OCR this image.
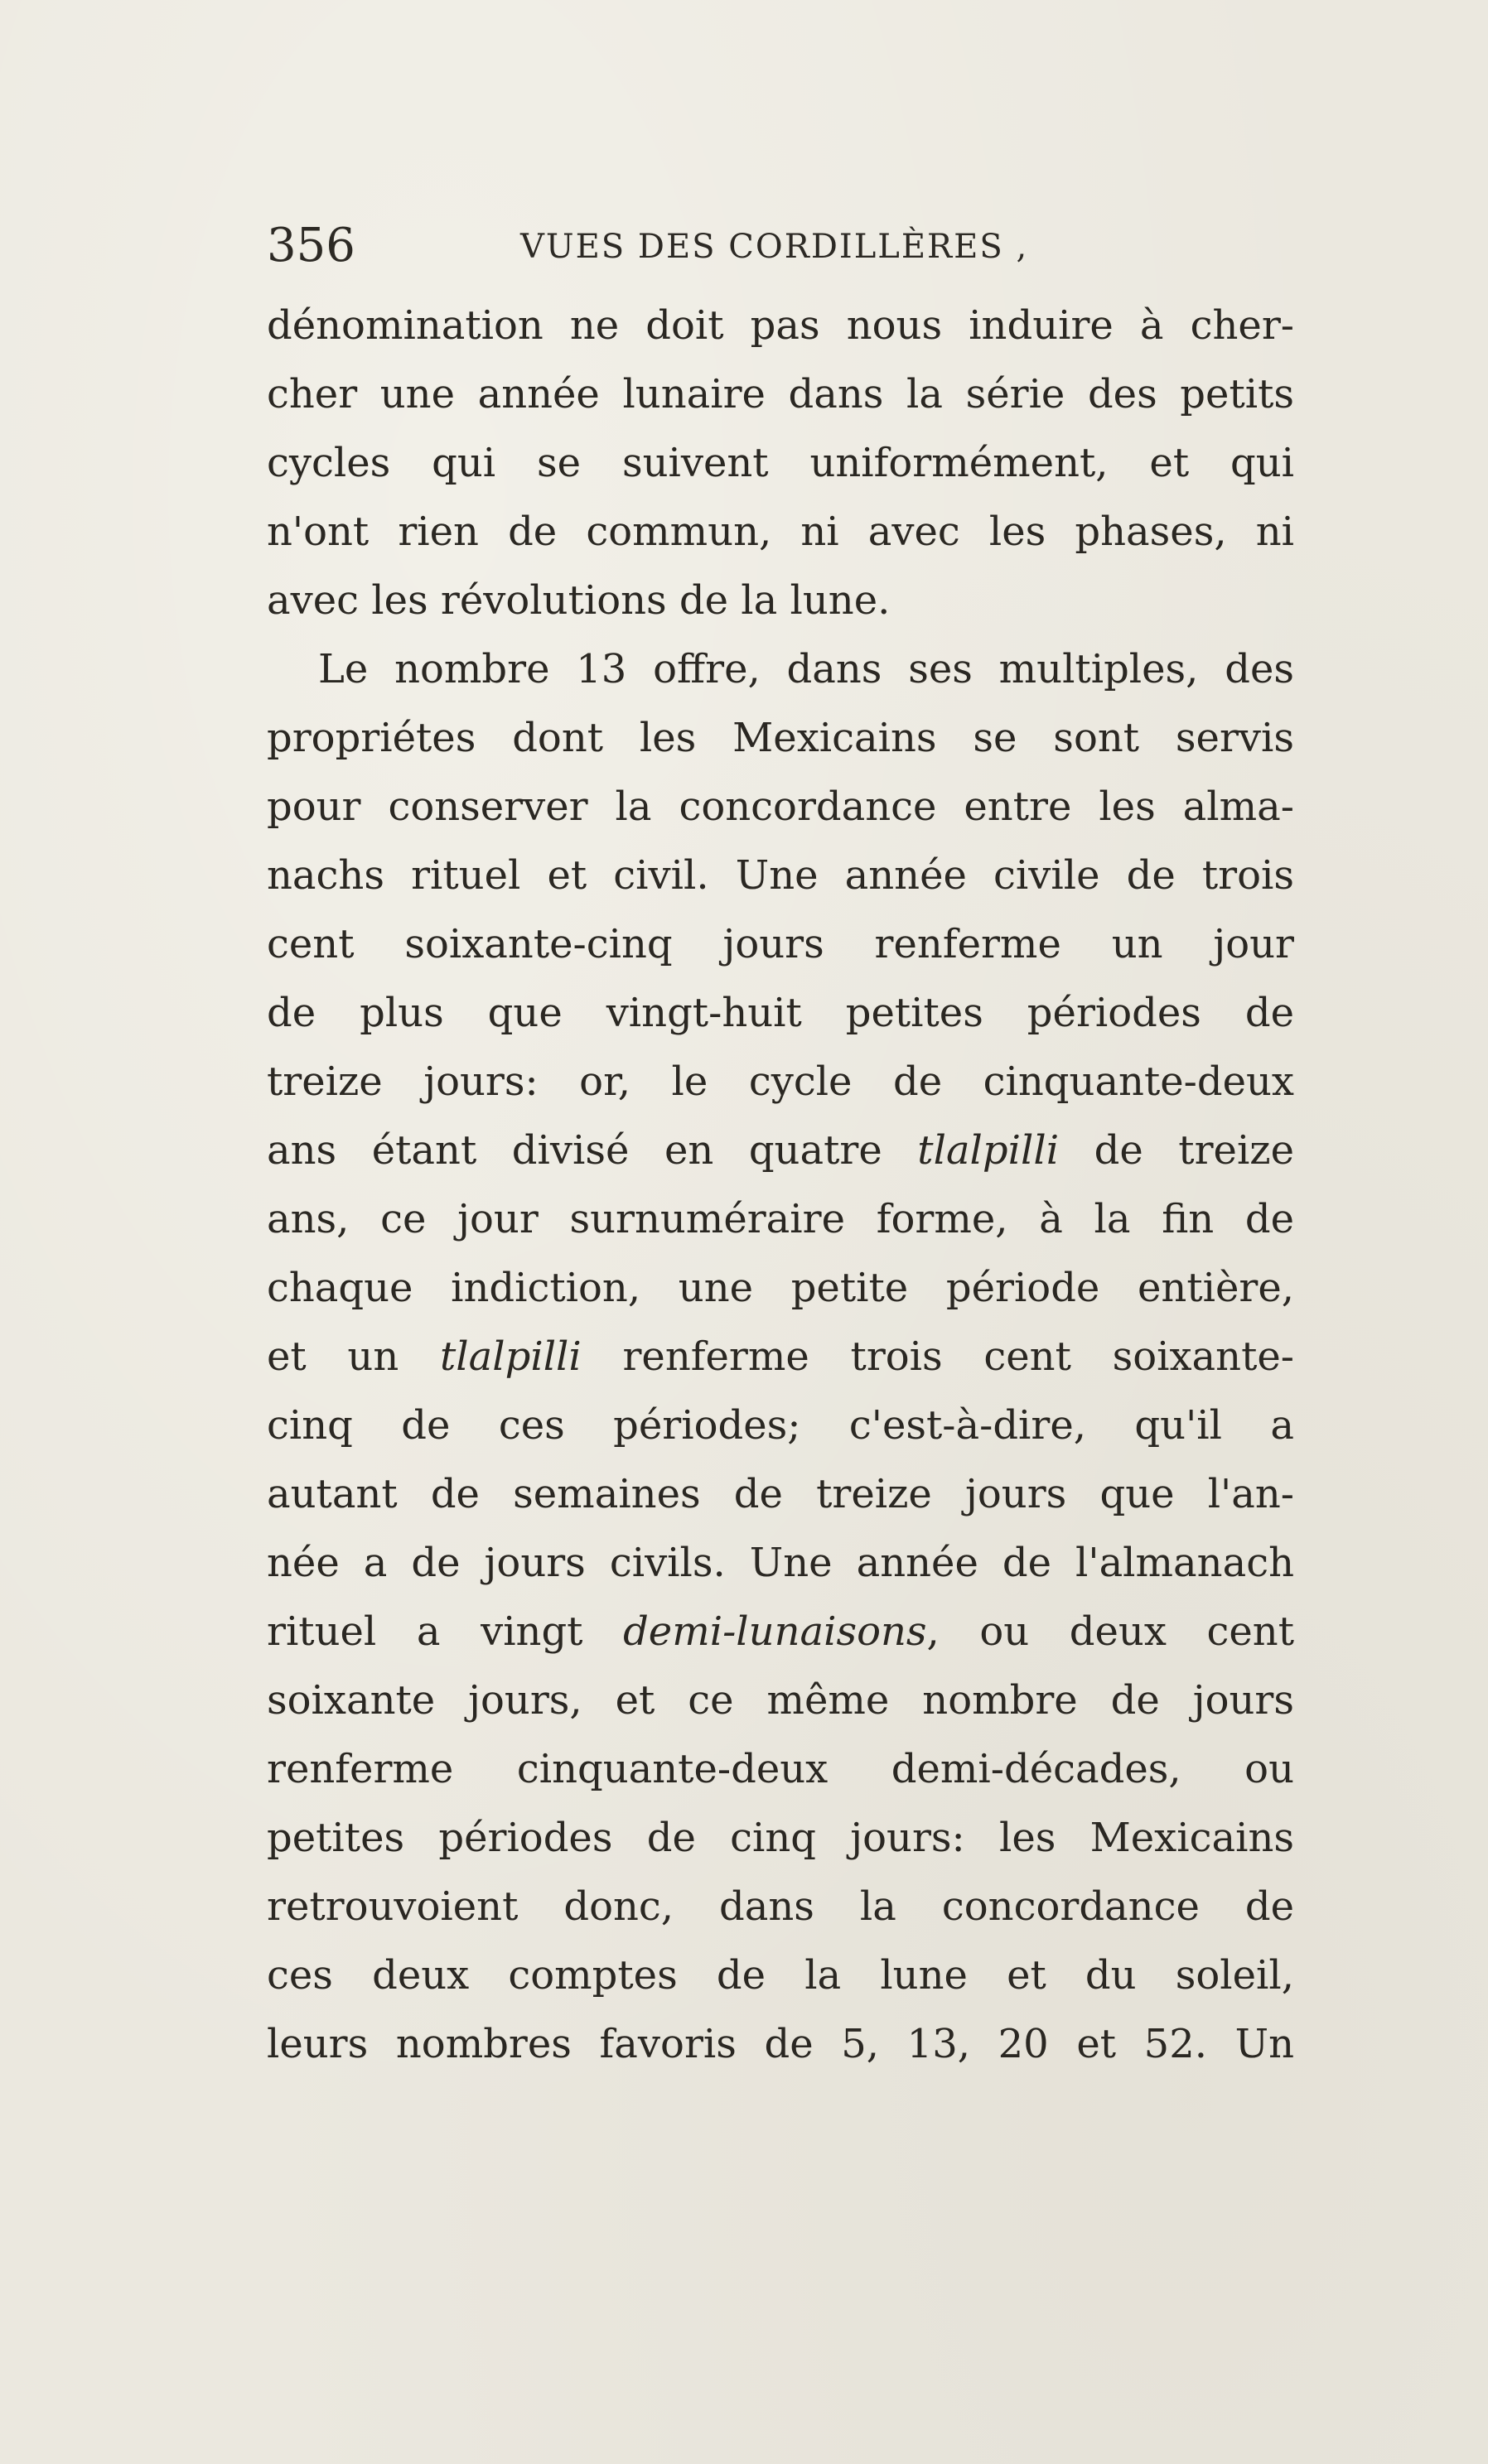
356	VUES DES CORDILLÈRES ,
dénomination ne doit pas nous induire à cher-
cher une année lunaire dans la série des petits
cycles qui se suivent uniformément, et qui
n'ont rien de commun, ni avec les phases, ni
avec les révolutions de la lune.
Le nombre 13 offre, dans ses multiples, des
propriétes dont les Mexicains se sont servis
pour conserver la concordance entre les alma-
nachs rituel et civil. Une année civile de trois
cent soixante-cinq jours renferme un jour
de plus que vingt-huit petites périodes de
treize jours: or, le cycle de cinquante-deux
ans étant divisé en quatre tlalpilli de treize
ans, ce jour surnuméraire forme, à la fin de
chaque indiction, une petite période entière,
et un tlalpilli renferme trois cent soixante-
cinq de ces périodes; c'est-à-dire, qu'il a
autant de semaines de treize jours que l'an-
née a de jours civils. Une année de l'almanach
rituel a vingt demi-lunaisons, ou deux cent
soixante jours, et ce même nombre de jours
renferme cinquante-deux demi-décades, ou
petites périodes de cinq jours: les Mexicains
retrouvoient donc, dans la concordance de
ces deux comptes de la lune et du soleil,
leurs nombres favoris de 5, 13, 20 et 52. Un
